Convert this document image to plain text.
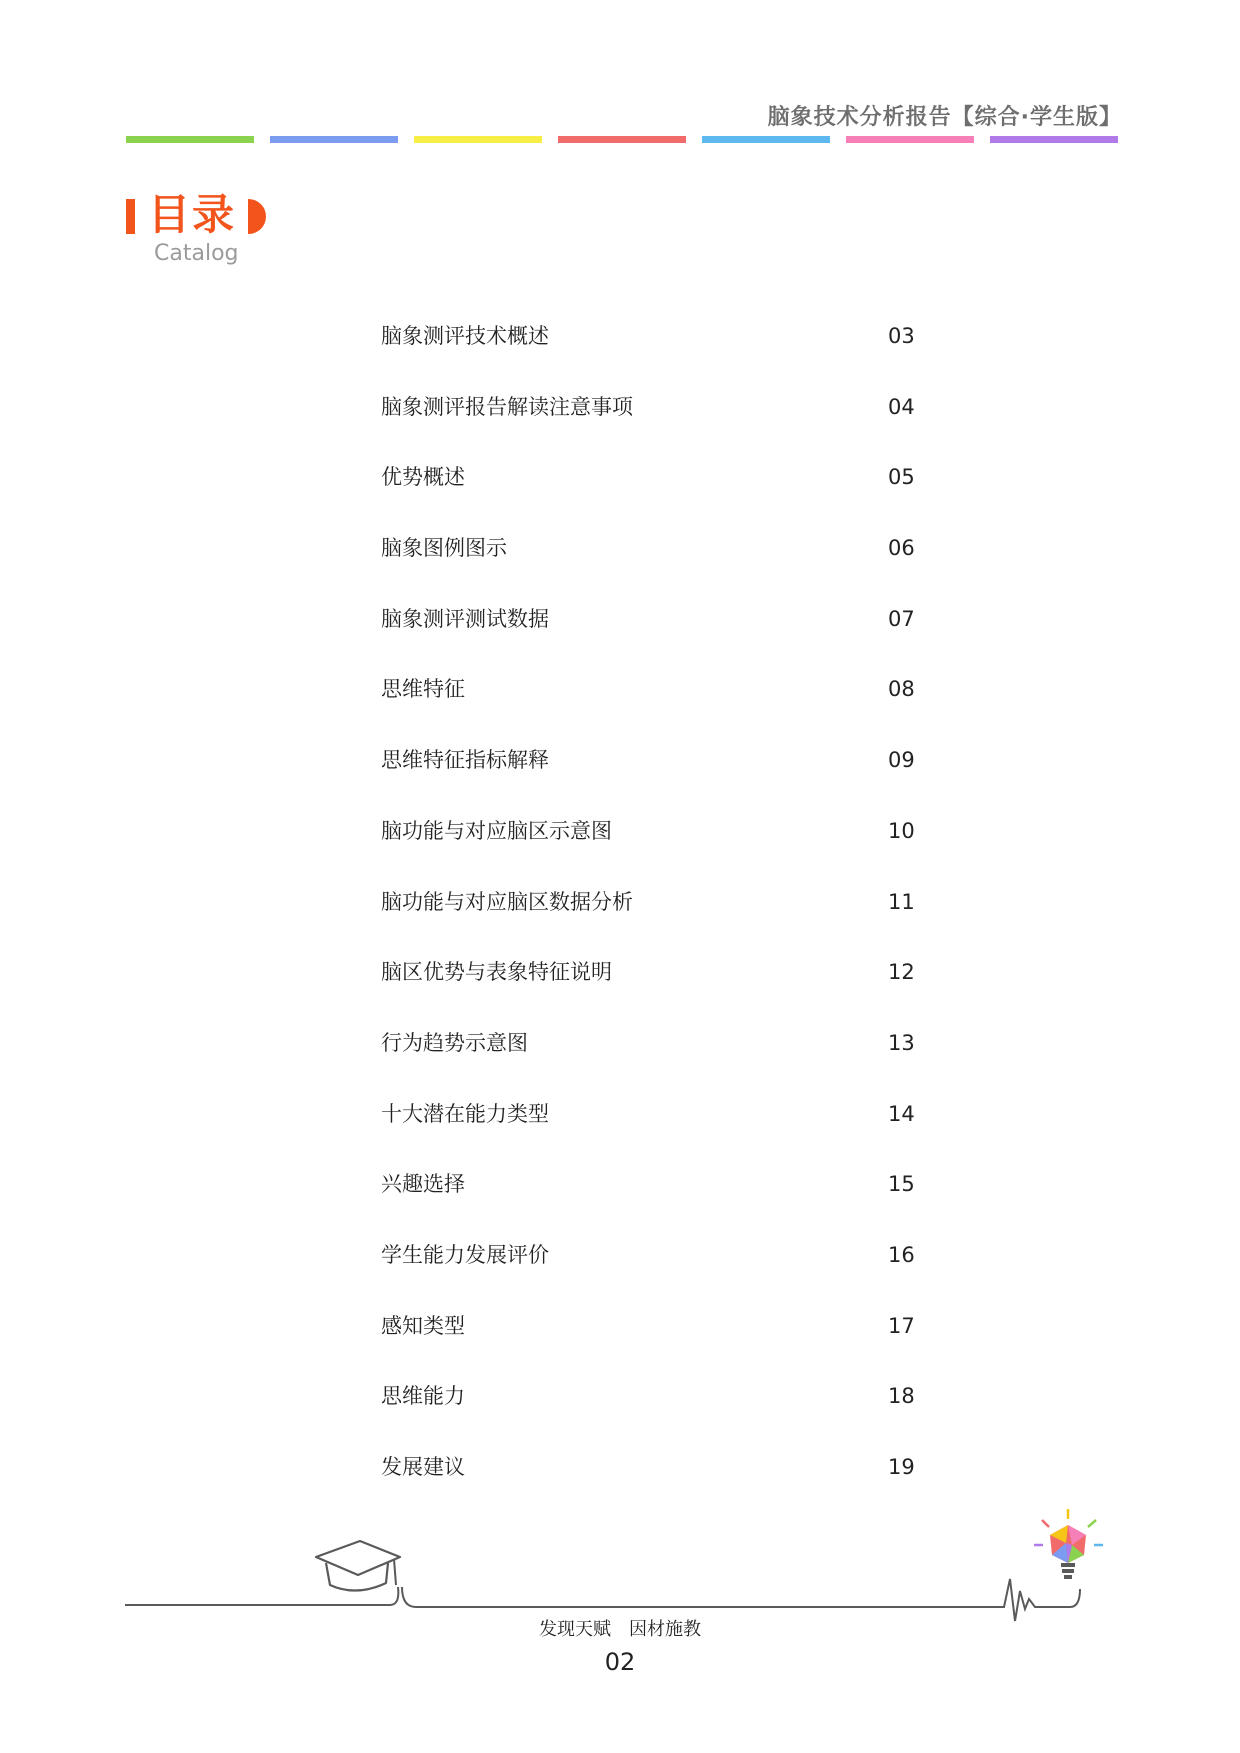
脑象技术分析报告【综合·学生版】
目录
Catalog
脑象测评技术概述	03
脑象测评报告解读注意事项	04
优势概述	05
脑象图例图示	06
脑象测评测试数据	07
思维特征	08
思维特征指标解释	09
脑功能与对应脑区示意图	10
脑功能与对应脑区数据分析	11
脑区优势与表象特征说明	12
行为趋势示意图	13
十大潜在能力类型	14
兴趣选择	15
学生能力发展评价	16
感知类型	17
思维能力	18
发展建议	19
发现天赋 因材施教
02
